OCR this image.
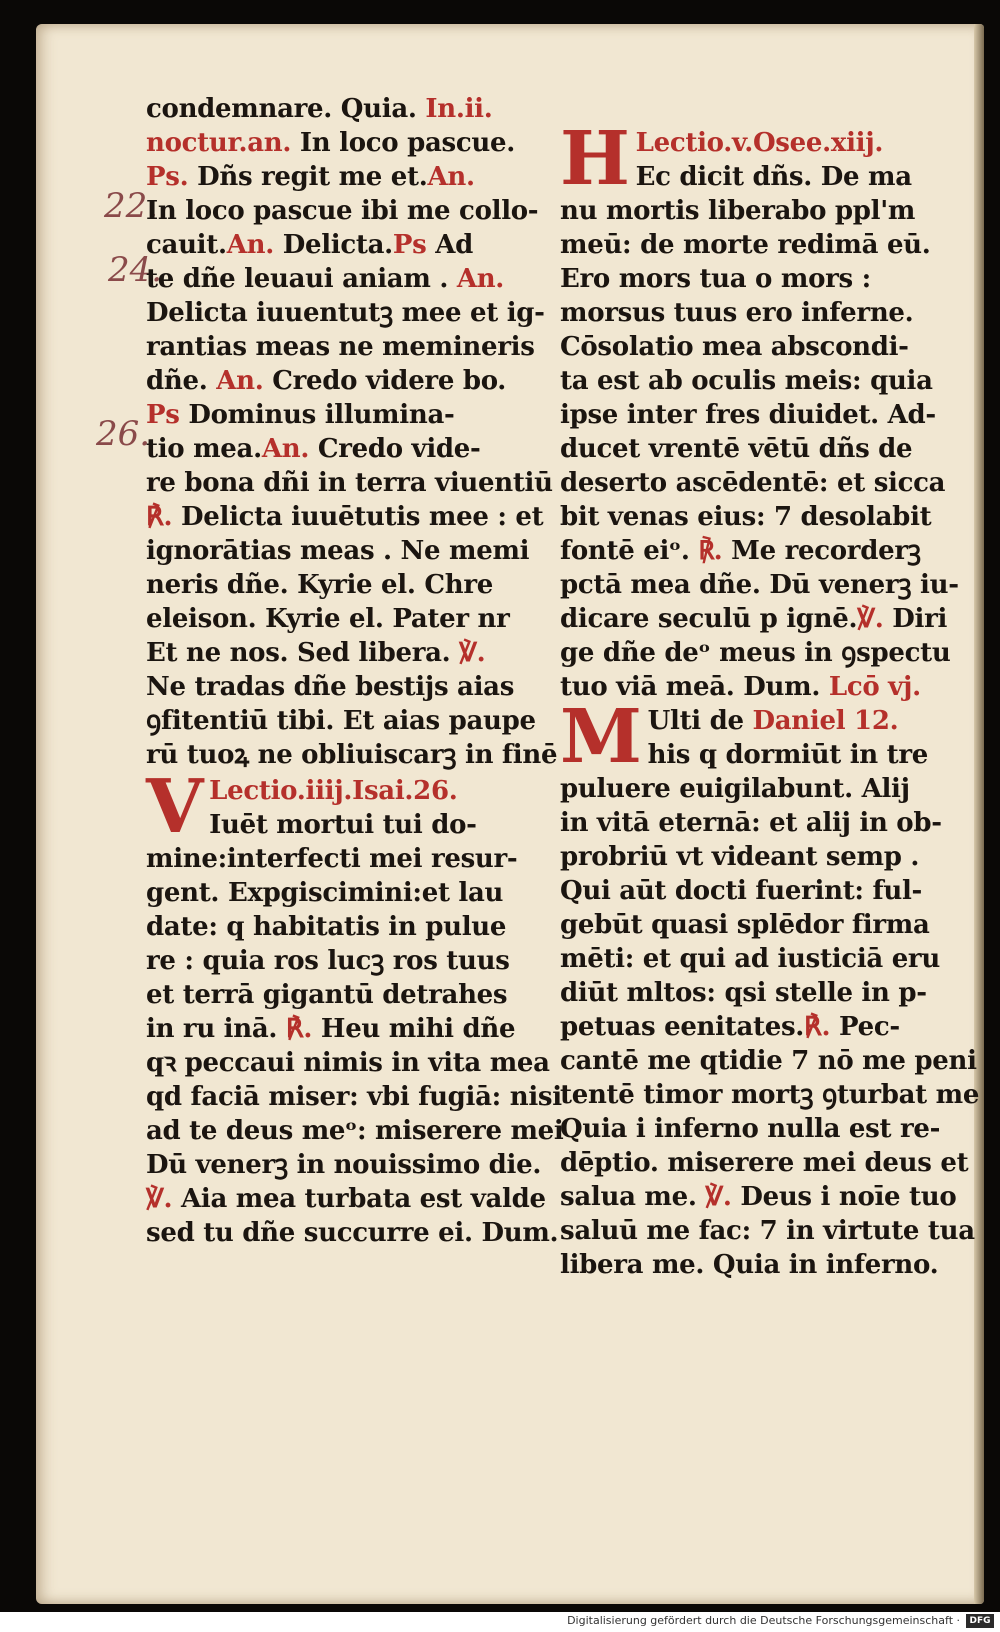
22.
24.
26.
condemnare. Quia. In.ii.
noctur.an. In loco pascue.
Ps. Dñs regit me et.An.
In loco pascue ibi me collo-
cauit.An. Delicta.Ps Ad
te dñe leuaui aniam . An.
Delicta iuuentutꝫ mee et ig-
rantias meas ne memineris
dñe. An. Credo videre bo.
Ps Dominus illumina-
tio mea.An. Credo vide-
re bona dñi in terra viuentiū
℟. Delicta iuuētutis mee : et
ignorātias meas . Ne memi
neris dñe. Kyrie el. Chre
eleison. Kyrie el. Pater nr
Et ne nos. Sed libera. ℣.
Ne tradas dñe bestijs aias
ꝯfitentiū tibi. Et aias paupe
rū tuoꝝ ne obliuiscarꝫ in finē
V Lectio.iiij.Isai.26.
Iuēt mortui tui do-
mine:interfecti mei resur-
gent. Expgiscimini:et lau
date: q habitatis in pulue
re : quia ros lucꝫ ros tuus
et terrā gigantū detrahes
in ru inā. ℟. Heu mihi dñe
qꝛ peccaui nimis in vita mea
qd faciā miser: vbi fugiā: nisi
ad te deus meᵒ: miserere mei
Dū venerꝫ in nouissimo die.
℣. Aia mea turbata est valde
sed tu dñe succurre ei. Dum.
H Lectio.v.Osee.xiij.
Ec dicit dñs. De ma
nu mortis liberabo ppl'm
meū: de morte redimā eū.
Ero mors tua o mors :
morsus tuus ero inferne.
Cōsolatio mea abscondi-
ta est ab oculis meis: quia
ipse inter fres diuidet. Ad-
ducet vrentē vētū dñs de
deserto ascēdentē: et sicca
bit venas eius: 7 desolabit
fontē eiᵒ. ℟. Me recorderꝫ
pctā mea dñe. Dū venerꝫ iu-
dicare seculū p ignē.℣. Diri
ge dñe deᵒ meus in ꝯspectu
tuo viā meā. Dum. Lcō vj.
M Ulti de Daniel 12.
his q dormiūt in tre
puluere euigilabunt. Alij
in vitā eternā: et alij in ob-
probriū vt videant semp .
Qui aūt docti fuerint: ful-
gebūt quasi splēdor firma
mēti: et qui ad iusticiā eru
diūt mltos: qsi stelle in p-
petuas eenitates.℟. Pec-
cantē me qtidie 7 nō me peni
tentē timor mortꝫ ꝯturbat me
Quia i inferno nulla est re-
dēptio. miserere mei deus et
salua me. ℣. Deus i noīe tuo
saluū me fac: 7 in virtute tua
libera me. Quia in inferno.
Digitalisierung gefördert durch die Deutsche Forschungsgemeinschaft ·	DFG
